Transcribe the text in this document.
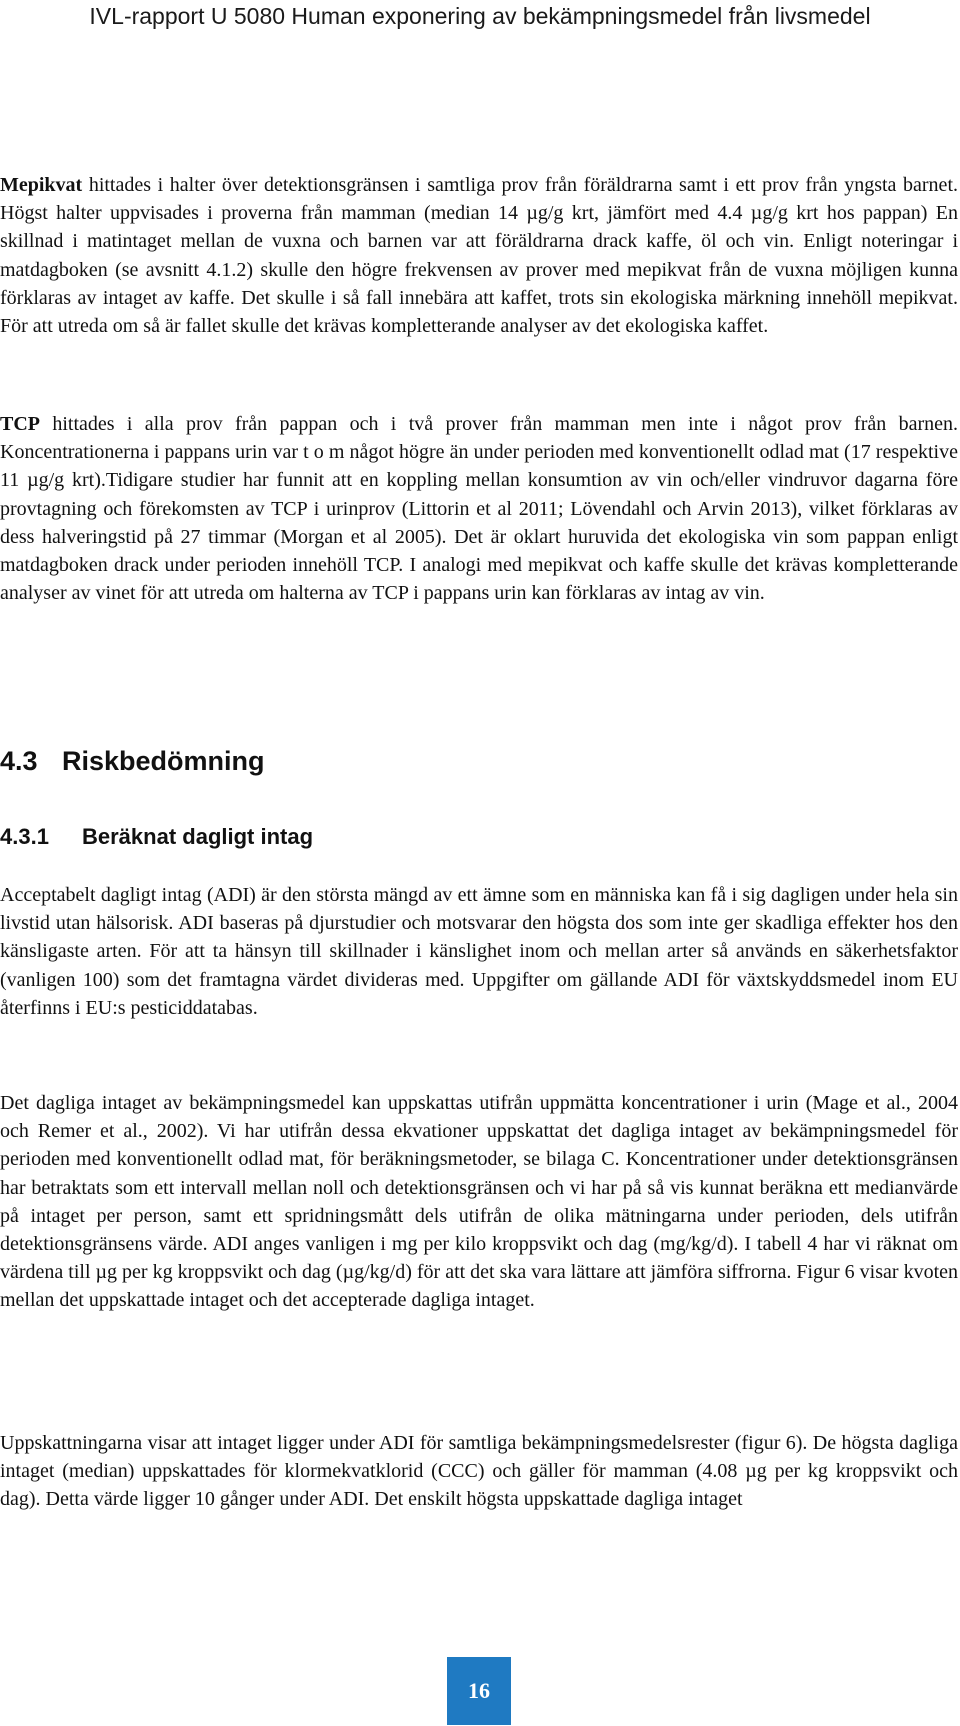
IVL-rapport U 5080 Human exponering av bekämpningsmedel från livsmedel

Mepikvat hittades i halter över detektionsgränsen i samtliga prov från föräldrarna samt i ett prov från yngsta barnet. Högst halter uppvisades i proverna från mamman (median 14 µg/g krt, jämfört med 4.4 µg/g krt hos pappan) En skillnad i matintaget mellan de vuxna och barnen var att föräldrarna drack kaffe, öl och vin. Enligt noteringar i matdagboken (se avsnitt 4.1.2) skulle den högre frekvensen av prover med mepikvat från de vuxna möjligen kunna förklaras av intaget av kaffe. Det skulle i så fall innebära att kaffet, trots sin ekologiska märkning innehöll mepikvat. För att utreda om så är fallet skulle det krävas kompletterande analyser av det ekologiska kaffet.

TCP hittades i alla prov från pappan och i två prover från mamman men inte i något prov från barnen. Koncentrationerna i pappans urin var t o m något högre än under perioden med konventionellt odlad mat (17 respektive 11 µg/g krt).Tidigare studier har funnit att en koppling mellan konsumtion av vin och/eller vindruvor dagarna före provtagning och förekomsten av TCP i urinprov (Littorin et al 2011; Lövendahl och Arvin 2013), vilket förklaras av dess halveringstid på 27 timmar (Morgan et al 2005). Det är oklart huruvida det ekologiska vin som pappan enligt matdagboken drack under perioden innehöll TCP. I analogi med mepikvat och kaffe skulle det krävas kompletterande analyser av vinet för att utreda om halterna av TCP i pappans urin kan förklaras av intag av vin.

4.3 Riskbedömning
4.3.1 Beräknat dagligt intag

Acceptabelt dagligt intag (ADI) är den största mängd av ett ämne som en människa kan få i sig dagligen under hela sin livstid utan hälsorisk. ADI baseras på djurstudier och motsvarar den högsta dos som inte ger skadliga effekter hos den känsligaste arten. För att ta hänsyn till skillnader i känslighet inom och mellan arter så används en säkerhetsfaktor (vanligen 100) som det framtagna värdet divideras med. Uppgifter om gällande ADI för växtskyddsmedel inom EU återfinns i EU:s pesticiddatabas.

Det dagliga intaget av bekämpningsmedel kan uppskattas utifrån uppmätta koncentrationer i urin (Mage et al., 2004 och Remer et al., 2002). Vi har utifrån dessa ekvationer uppskattat det dagliga intaget av bekämpningsmedel för perioden med konventionellt odlad mat, för beräkningsmetoder, se bilaga C. Koncentrationer under detektionsgränsen har betraktats som ett intervall mellan noll och detektionsgränsen och vi har på så vis kunnat beräkna ett medianvärde på intaget per person, samt ett spridningsmått dels utifrån de olika mätningarna under perioden, dels utifrån detektionsgränsens värde. ADI anges vanligen i mg per kilo kroppsvikt och dag (mg/kg/d). I tabell 4 har vi räknat om värdena till µg per kg kroppsvikt och dag (µg/kg/d) för att det ska vara lättare att jämföra siffrorna. Figur 6 visar kvoten mellan det uppskattade intaget och det accepterade dagliga intaget.

Uppskattningarna visar att intaget ligger under ADI för samtliga bekämpningsmedelsrester (figur 6). De högsta dagliga intaget (median) uppskattades för klormekvatklorid (CCC) och gäller för mamman (4.08 µg per kg kroppsvikt och dag). Detta värde ligger 10 gånger under ADI. Det enskilt högsta uppskattade dagliga intaget

16
